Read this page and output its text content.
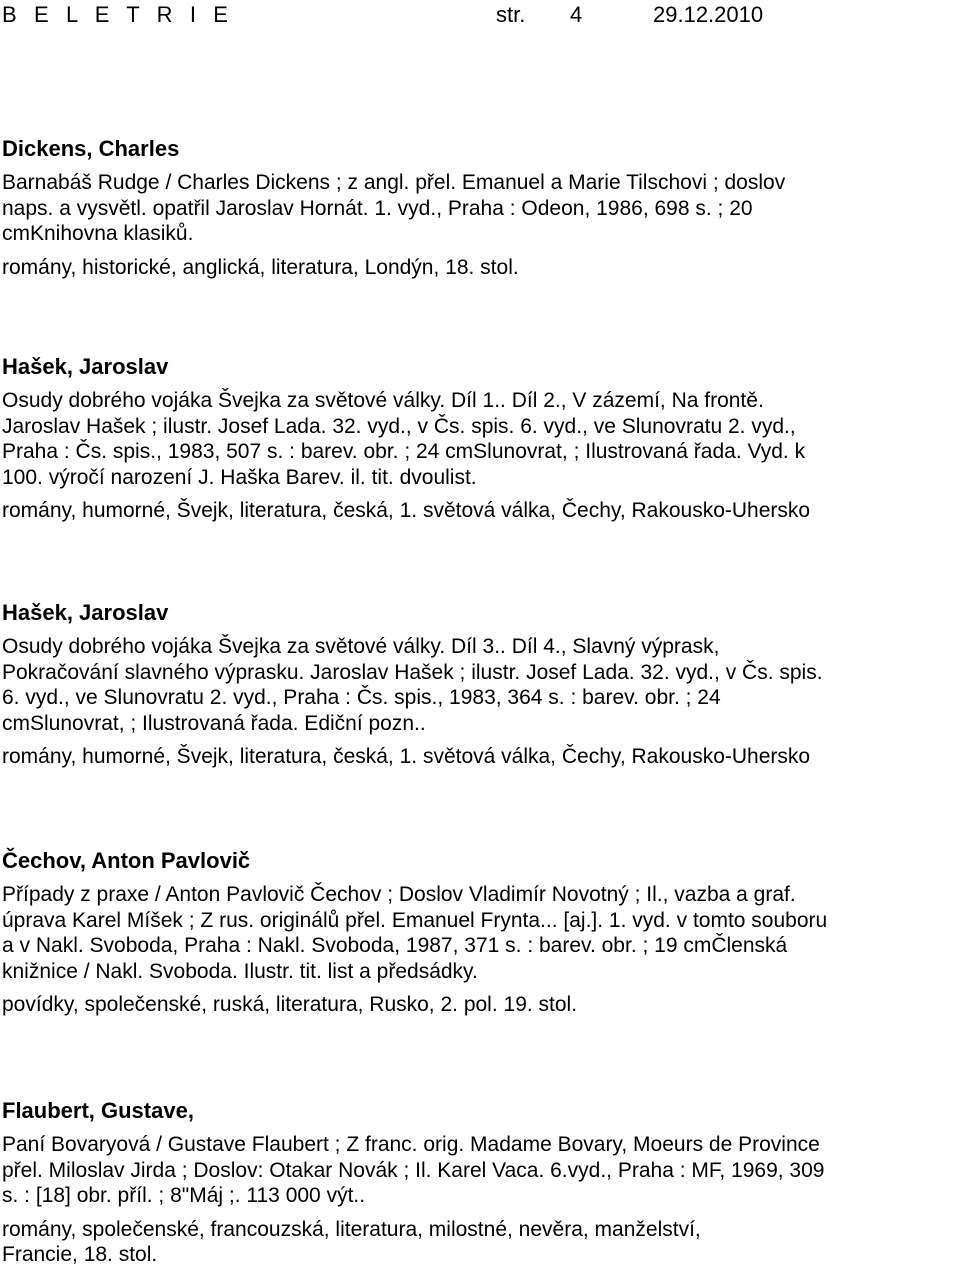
B E L E T R I E

	str.

4

	29.12.2010

Dickens, Charles

Barnabáš Rudge / Charles Dickens ; z angl. přel. Emanuel a Marie Tilschovi ; doslov
naps. a vysvětl. opatřil Jaroslav Hornát. 1. vyd., Praha : Odeon, 1986, 698 s. ; 20
cmKnihovna klasiků.
romány, historické, anglická, literatura, Londýn, 18. stol.

Hašek, Jaroslav

Osudy dobrého vojáka Švejka za světové války. Díl 1.. Díl 2., V zázemí, Na frontě.
Jaroslav Hašek ; ilustr. Josef Lada. 32. vyd., v Čs. spis. 6. vyd., ve Slunovratu 2. vyd.,
Praha : Čs. spis., 1983, 507 s. : barev. obr. ; 24 cmSlunovrat, ; Ilustrovaná řada. Vyd. k
100. výročí narození J. Haška Barev. il. tit. dvoulist.
romány, humorné, Švejk, literatura, česká, 1. světová válka, Čechy, Rakousko-Uhersko

Hašek, Jaroslav

Osudy dobrého vojáka Švejka za světové války. Díl 3.. Díl 4., Slavný výprask,
Pokračování slavného výprasku. Jaroslav Hašek ; ilustr. Josef Lada. 32. vyd., v Čs. spis.
6. vyd., ve Slunovratu 2. vyd., Praha : Čs. spis., 1983, 364 s. : barev. obr. ; 24
cmSlunovrat, ; Ilustrovaná řada. Ediční pozn..
romány, humorné, Švejk, literatura, česká, 1. světová válka, Čechy, Rakousko-Uhersko

Čechov, Anton Pavlovič

Případy z praxe / Anton Pavlovič Čechov ; Doslov Vladimír Novotný ; Il., vazba a graf.
úprava Karel Míšek ; Z rus. originálů přel. Emanuel Frynta... [aj.]. 1. vyd. v tomto souboru
a v Nakl. Svoboda, Praha : Nakl. Svoboda, 1987, 371 s. : barev. obr. ; 19 cmČlenská
knižnice / Nakl. Svoboda. Ilustr. tit. list a předsádky.
povídky, společenské, ruská, literatura, Rusko, 2. pol. 19. stol.

Flaubert, Gustave,

Paní Bovaryová / Gustave Flaubert ; Z franc. orig. Madame Bovary, Moeurs de Province
přel. Miloslav Jirda ; Doslov: Otakar Novák ; Il. Karel Vaca. 6.vyd., Praha : MF, 1969, 309
s. : [18] obr. příl. ; 8"Máj ;. 113 000 výt..
romány, společenské, francouzská, literatura, milostné, nevěra, manželství,
Francie, 18. stol.
